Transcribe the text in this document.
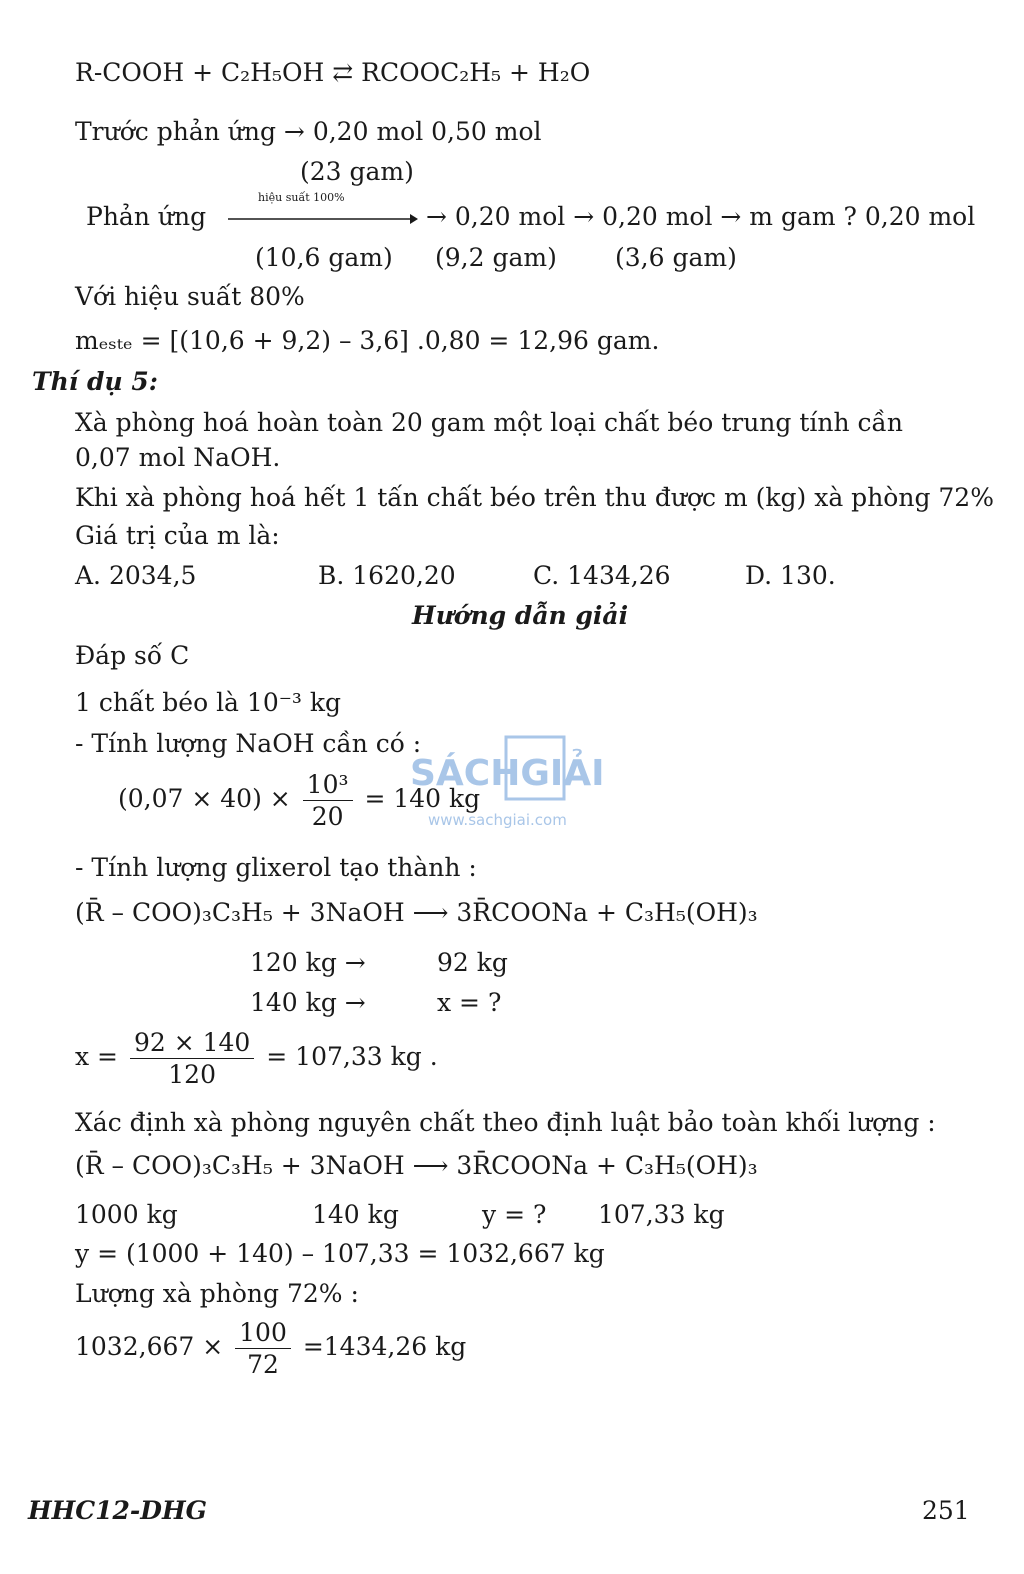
R-COOH + C₂H₅OH ⇄ RCOOC₂H₅ + H₂O
Trước phản ứng → 0,20 mol 0,50 mol
(23 gam)
Phản ứng
hiệu suất 100%
→ 0,20 mol → 0,20 mol → m gam ? 0,20 mol
(10,6 gam) (9,2 gam) (3,6 gam)
Với hiệu suất 80%
mₑₛₜₑ = [(10,6 + 9,2) – 3,6] .0,80 = 12,96 gam.
Thí dụ 5:
Xà phòng hoá hoàn toàn 20 gam một loại chất béo trung tính cần
0,07 mol NaOH.
Khi xà phòng hoá hết 1 tấn chất béo trên thu được m (kg) xà phòng 72%
Giá trị của m là:
A. 2034,5	B. 1620,20	C. 1434,26	D. 130.
Hướng dẫn giải
Đáp số C
1 chất béo là 10⁻³ kg
- Tính lượng NaOH cần có :
$(0,07 \times 40) \times \frac{\text{10³}}{20} = 140$ kg
- Tính lượng glixerol tạo thành :
(R̄ – COO)₃C₃H₅ + 3NaOH ⟶ 3R̄COONa + C₃H₅(OH)₃
120 kg →	92 kg
140 kg →	x = ?
$x = \frac{92 \times 140}{120} = 107,33$ kg .
Xác định xà phòng nguyên chất theo định luật bảo toàn khối lượng :
(R̄ – COO)₃C₃H₅ + 3NaOH ⟶ 3R̄COONa + C₃H₅(OH)₃
1000 kg	140 kg	y = ? 107,33 kg
y = (1000 + 140) – 107,33 = 1032,667 kg
Lượng xà phòng 72% :
$1032,667 \times \frac{100}{72} =1434,26$ kg
HHC12-DHG	251
SÁCHGIẢI
www.sachgiai.com
